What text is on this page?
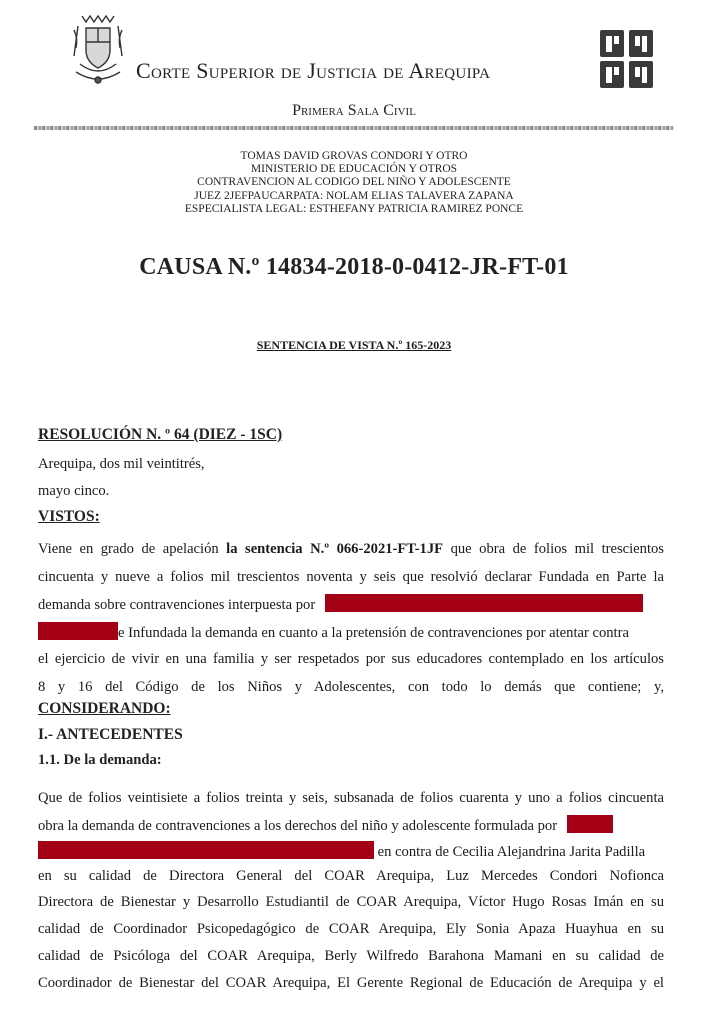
Corte Superior de Justicia de Arequipa
Primera Sala Civil
TOMAS DAVID GROVAS CONDORI Y OTRO
MINISTERIO DE EDUCACIÓN Y OTROS
CONTRAVENCION AL CODIGO DEL NIÑO Y ADOLESCENTE
JUEZ 2JEFPAUCARPATA: NOLAM ELIAS TALAVERA ZAPANA
ESPECIALISTA LEGAL: ESTHEFANY PATRICIA RAMIREZ PONCE
CAUSA N.º 14834-2018-0-0412-JR-FT-01
SENTENCIA DE VISTA N.º 165-2023
RESOLUCIÓN N. º 64 (DIEZ - 1SC)
Arequipa, dos mil veintitrés,
mayo cinco.
VISTOS:
Viene en grado de apelación la sentencia N.º 066-2021-FT-1JF que obra de folios mil trescientos
cincuenta y nueve a folios mil trescientos noventa y seis que resolvió declarar Fundada en Parte la
demanda sobre contravenciones interpuesta por
e Infundada la demanda en cuanto a la pretensión de contravenciones por atentar contra
el ejercicio de vivir en una familia y ser respetados por sus educadores contemplado en los artículos
8 y 16 del Código de los Niños y Adolescentes, con todo lo demás que contiene; y,
CONSIDERANDO:
I.- ANTECEDENTES
1.1. De la demanda:
Que de folios veintisiete a folios treinta y seis, subsanada de folios cuarenta y uno a folios cincuenta
obra la demanda de contravenciones a los derechos del niño y adolescente formulada por
en contra de Cecilia Alejandrina Jarita Padilla
en su calidad de Directora General del COAR Arequipa, Luz Mercedes Condori Nofionca
Directora de Bienestar y Desarrollo Estudiantil de COAR Arequipa, Víctor Hugo Rosas Imán en su
calidad de Coordinador Psicopedagógico de COAR Arequipa, Ely Sonia Apaza Huayhua en su
calidad de Psicóloga del COAR Arequipa, Berly Wilfredo Barahona Mamani en su calidad de
Coordinador de Bienestar del COAR Arequipa, El Gerente Regional de Educación de Arequipa y el
